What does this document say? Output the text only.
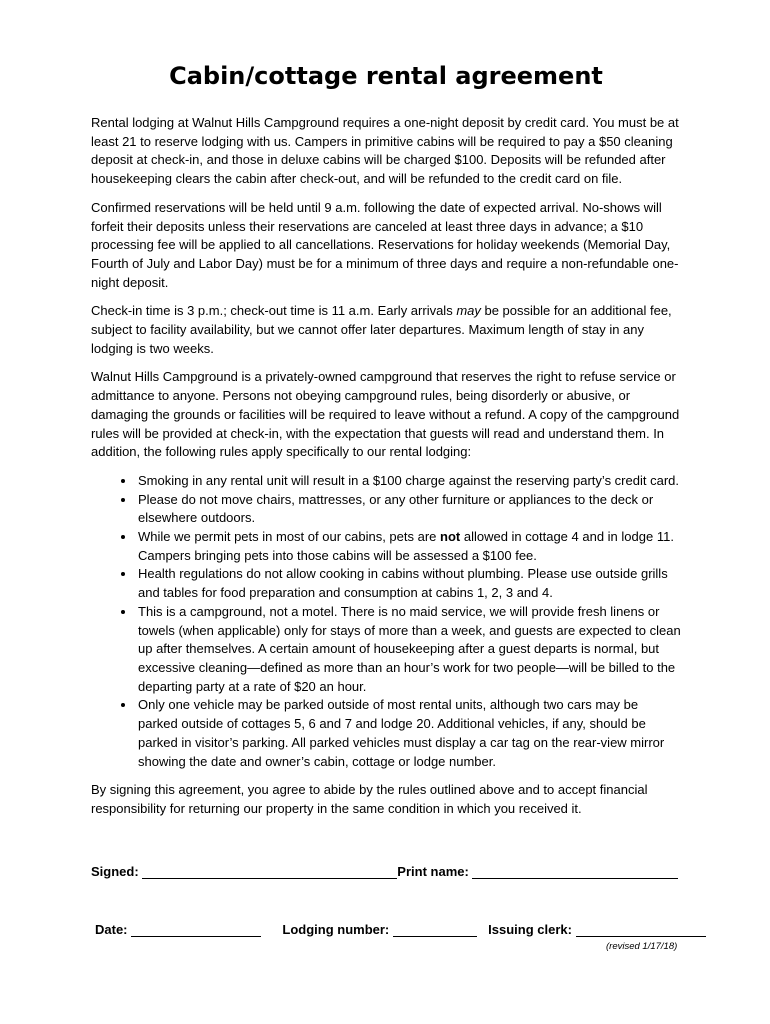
Cabin/cottage rental agreement

Rental lodging at Walnut Hills Campground requires a one-night deposit by credit card. You must be at least 21 to reserve lodging with us. Campers in primitive cabins will be required to pay a $50 cleaning deposit at check-in, and those in deluxe cabins will be charged $100. Deposits will be refunded after housekeeping clears the cabin after check-out, and will be refunded to the credit card on file.

Confirmed reservations will be held until 9 a.m. following the date of expected arrival. No-shows will forfeit their deposits unless their reservations are canceled at least three days in advance; a $10 processing fee will be applied to all cancellations. Reservations for holiday weekends (Memorial Day, Fourth of July and Labor Day) must be for a minimum of three days and require a non-refundable one-night deposit.

Check-in time is 3 p.m.; check-out time is 11 a.m. Early arrivals may be possible for an additional fee, subject to facility availability, but we cannot offer later departures. Maximum length of stay in any lodging is two weeks.

Walnut Hills Campground is a privately-owned campground that reserves the right to refuse service or admittance to anyone. Persons not obeying campground rules, being disorderly or abusive, or damaging the grounds or facilities will be required to leave without a refund. A copy of the campground rules will be provided at check-in, with the expectation that guests will read and understand them. In addition, the following rules apply specifically to our rental lodging:

• Smoking in any rental unit will result in a $100 charge against the reserving party’s credit card.
• Please do not move chairs, mattresses, or any other furniture or appliances to the deck or elsewhere outdoors.
• While we permit pets in most of our cabins, pets are not allowed in cottage 4 and in lodge 11. Campers bringing pets into those cabins will be assessed a $100 fee.
• Health regulations do not allow cooking in cabins without plumbing. Please use outside grills and tables for food preparation and consumption at cabins 1, 2, 3 and 4.
• This is a campground, not a motel. There is no maid service, we will provide fresh linens or towels (when applicable) only for stays of more than a week, and guests are expected to clean up after themselves. A certain amount of housekeeping after a guest departs is normal, but excessive cleaning—defined as more than an hour’s work for two people—will be billed to the departing party at a rate of $20 an hour.
• Only one vehicle may be parked outside of most rental units, although two cars may be parked outside of cottages 5, 6 and 7 and lodge 20. Additional vehicles, if any, should be parked in visitor’s parking. All parked vehicles must display a car tag on the rear-view mirror showing the date and owner’s cabin, cottage or lodge number.

By signing this agreement, you agree to abide by the rules outlined above and to accept financial responsibility for returning our property in the same condition in which you received it.

Signed:	Print name:
Date:	Lodging number:	Issuing clerk:
(revised 1/17/18)
